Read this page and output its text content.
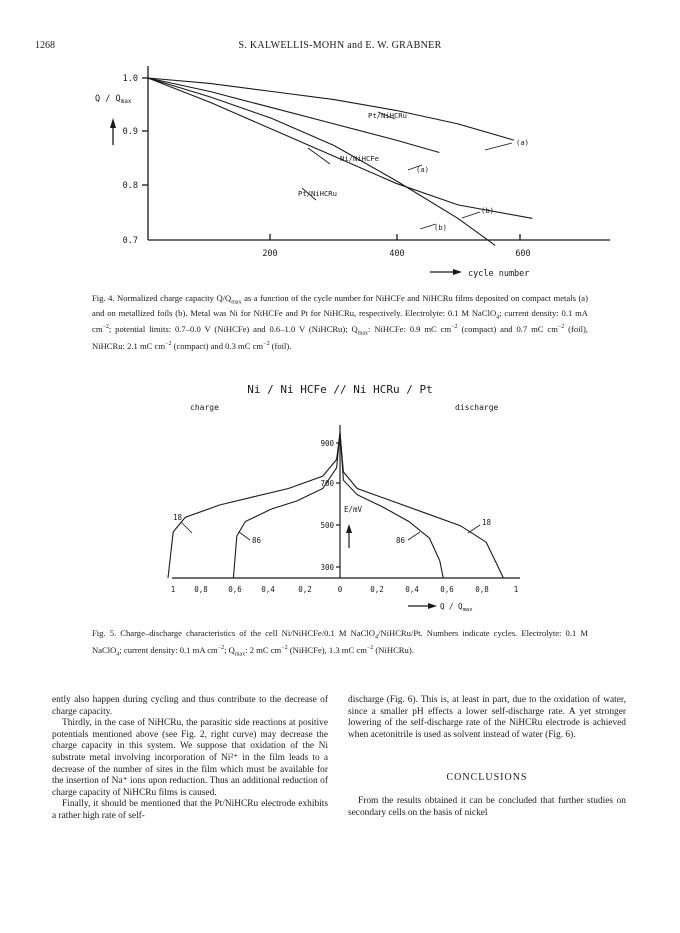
1268	S. KALWELLIS-MOHN and E. W. GRABNER
1.0
0.9
0.8
0.7
200	400	600
Q / $Q_{max}$
cycle number
Pt/NiHCRu
Ni/NiHCFe
Pt/NiHCRu
(a)
(a)
(b)
(b)
Fig. 4. Normalized charge capacity $Q/Q_{max}$ as a function of the cycle number for NiHCFe and NiHCRu films deposited on compact metals (a) and on metallized foils (b). Metal was Ni for NiHCFe and Pt for NiHCRu, respectively. Electrolyte: 0.1 M NaClO$_4$; current density: 0.1 mA $cm^{-2}$; potential limits: 0.7–0.0 V (NiHCFe) and 0.6–1.0 V (NiHCRu); $Q_{max}$: NiHCFe: 0.9 mC $cm^{-2}$ (compact) and 0.7 mC $cm^{-2}$ (foil), NiHCRu: 2.1 mC $cm^{-2}$ (compact) and 0.3 mC $cm^{-2}$ (foil).
Ni / Ni HCFe // Ni HCRu / Pt
charge	discharge
900
700
500
300
E/mV
1	0,8	0,6	0,4	0,2	0	0,2	0,4	0,6	0,8	1
Q / $Q_{max}$
18
86
18
86
Fig. 5. Charge–discharge characteristics of the cell Ni/NiHCFe/0.1 M NaClO$_4$/NiHCRu/Pt. Numbers indicate cycles. Electrolyte: 0.1 M NaClO$_4$; current density: 0.1 mA $cm^{-2}$; $Q_{max}$: 2 mC $cm^{-2}$ (NiHCFe), 1.3 mC $cm^{-2}$ (NiHCRu).

ently also happen during cycling and thus contribute to the decrease of charge capacity.

Thirdly, in the case of NiHCRu, the parasitic side reactions at positive potentials mentioned above (see Fig. 2, right curve) may decrease the charge capacity in this system. We suppose that oxidation of the Ni substrate metal involving incorporation of Ni²⁺ in the film leads to a decrease of the number of sites in the film which must be available for the insertion of Na⁺ ions upon reduction. Thus an additional reduction of charge capacity of NiHCRu films is caused.

Finally, it should be mentioned that the Pt/NiHCRu electrode exhibits a rather high rate of self-

discharge (Fig. 6). This is, at least in part, due to the oxidation of water, since a smaller pH effects a lower self-discharge rate. A yet stronger lowering of the self-discharge rate of the NiHCRu electrode is achieved when acetonitrile is used as solvent instead of water (Fig. 6).

CONCLUSIONS

From the results obtained it can be concluded that further studies on secondary cells on the basis of nickel
